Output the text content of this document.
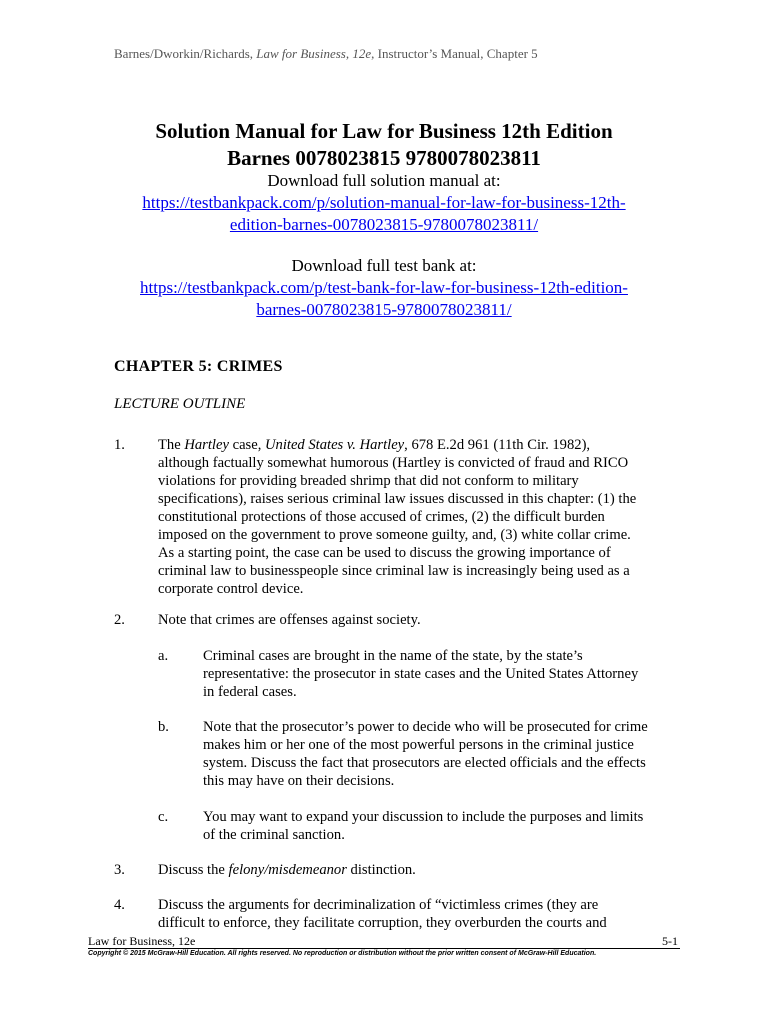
Barnes/Dworkin/Richards, Law for Business, 12e, Instructor’s Manual, Chapter 5
Solution Manual for Law for Business 12th Edition
Barnes 0078023815 9780078023811
Download full solution manual at:
https://testbankpack.com/p/solution-manual-for-law-for-business-12th-
edition-barnes-0078023815-9780078023811/
Download full test bank at:
https://testbankpack.com/p/test-bank-for-law-for-business-12th-edition-
barnes-0078023815-9780078023811/
CHAPTER 5: CRIMES
LECTURE OUTLINE
1. The Hartley case, United States v. Hartley, 678 E.2d 961 (11th Cir. 1982), although factually somewhat humorous (Hartley is convicted of fraud and RICO violations for providing breaded shrimp that did not conform to military specifications), raises serious criminal law issues discussed in this chapter: (1) the constitutional protections of those accused of crimes, (2) the difficult burden imposed on the government to prove someone guilty, and, (3) white collar crime. As a starting point, the case can be used to discuss the growing importance of criminal law to businesspeople since criminal law is increasingly being used as a corporate control device.
2. Note that crimes are offenses against society.
a. Criminal cases are brought in the name of the state, by the state’s representative: the prosecutor in state cases and the United States Attorney in federal cases.
b. Note that the prosecutor’s power to decide who will be prosecuted for crime makes him or her one of the most powerful persons in the criminal justice system. Discuss the fact that prosecutors are elected officials and the effects this may have on their decisions.
c. You may want to expand your discussion to include the purposes and limits of the criminal sanction.
3. Discuss the felony/misdemeanor distinction.
4. Discuss the arguments for decriminalization of “victimless crimes (they are difficult to enforce, they facilitate corruption, they overburden the courts and
Law for Business, 12e	5-1
Copyright © 2015 McGraw-Hill Education. All rights reserved. No reproduction or distribution without the prior written consent of McGraw-Hill Education.
